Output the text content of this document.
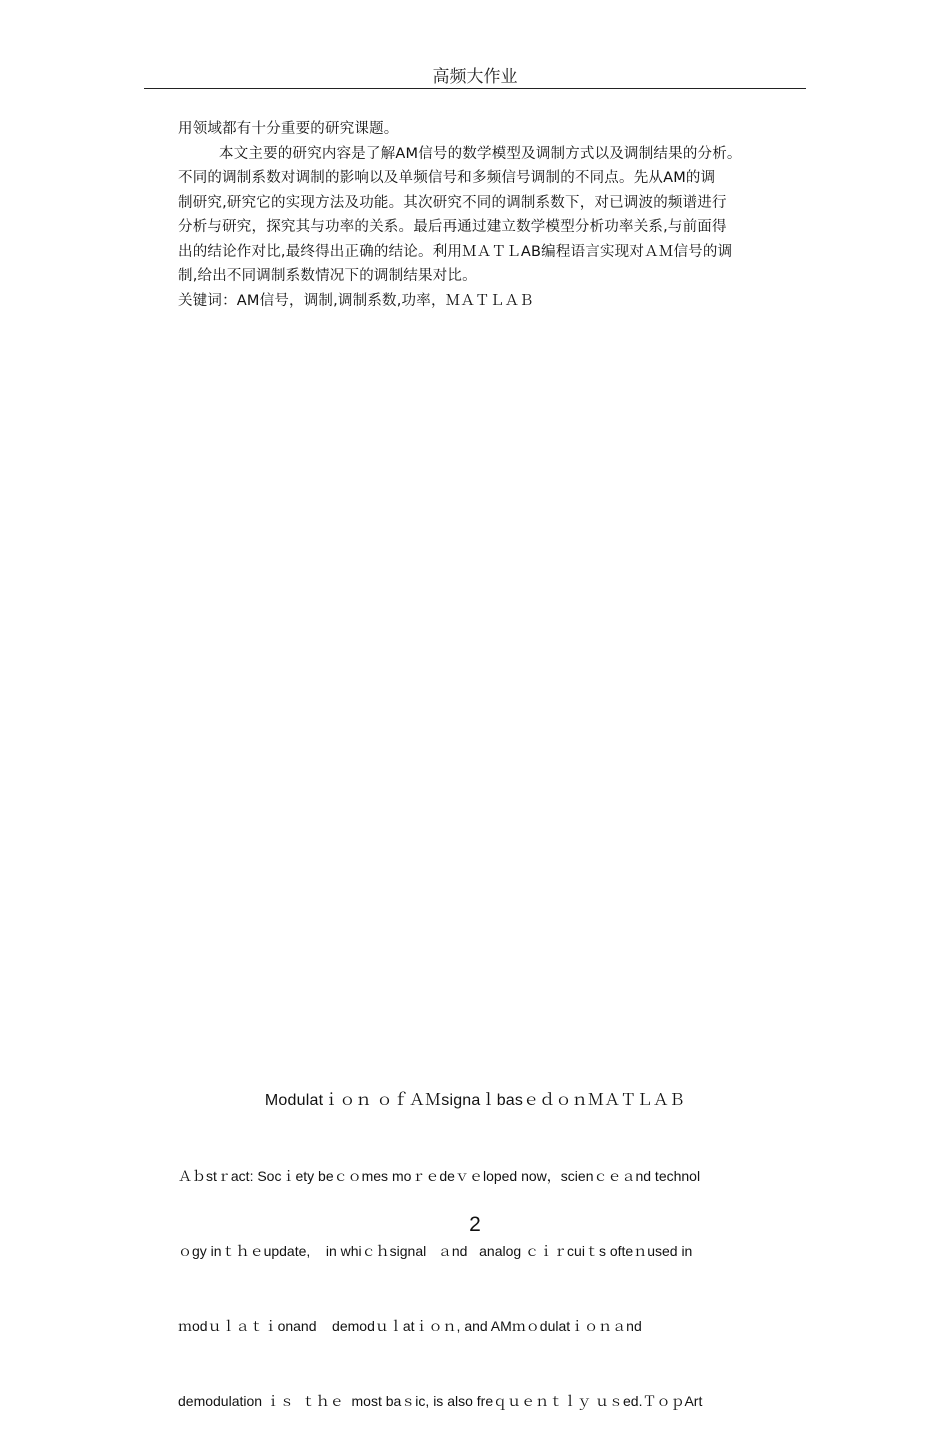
高频大作业
用领域都有十分重要的研究课题。
本文主要的研究内容是了解AM信号的数学模型及调制方式以及调制结果的分析。
不同的调制系数对调制的影响以及单频信号和多频信号调制的不同点。先从AM的调
制研究,研究它的实现方法及功能。其次研究不同的调制系数下，对已调波的频谱进行
分析与研究，探究其与功率的关系。最后再通过建立数学模型分析功率关系,与前面得
出的结论作对比,最终得出正确的结论。利用ＭＡＴＬAB编程语言实现对ＡＭ信号的调
制,给出不同调制系数情况下的调制结果对比。
关键词：AM信号，调制,调制系数,功率，ＭＡＴＬＡＢ
Modulatｉｏｎ ｏｆＡＭsignaｌbasｅｄｏｎＭＡＴＬＡＢ

Ａｂstｒact: Socｉety beｃｏmes moｒｅdeｖｅloped now，scienｃｅａnd technol

ｏgy inｔｈｅupdate,    in whiｃｈsignal   ａnd   analog ｃｉｒcuiｔs ofteｎused in

ｍodｕｌａｔｉonand    demodｕｌatｉｏｎ, and AMｍｏdulatｉｏｎａnd

demodulation ｉｓ  ｔｈｅ  most baｓic, is also freｑｕｅｎｔｌｙ ｕｓed.ＴｏｐArt

2
